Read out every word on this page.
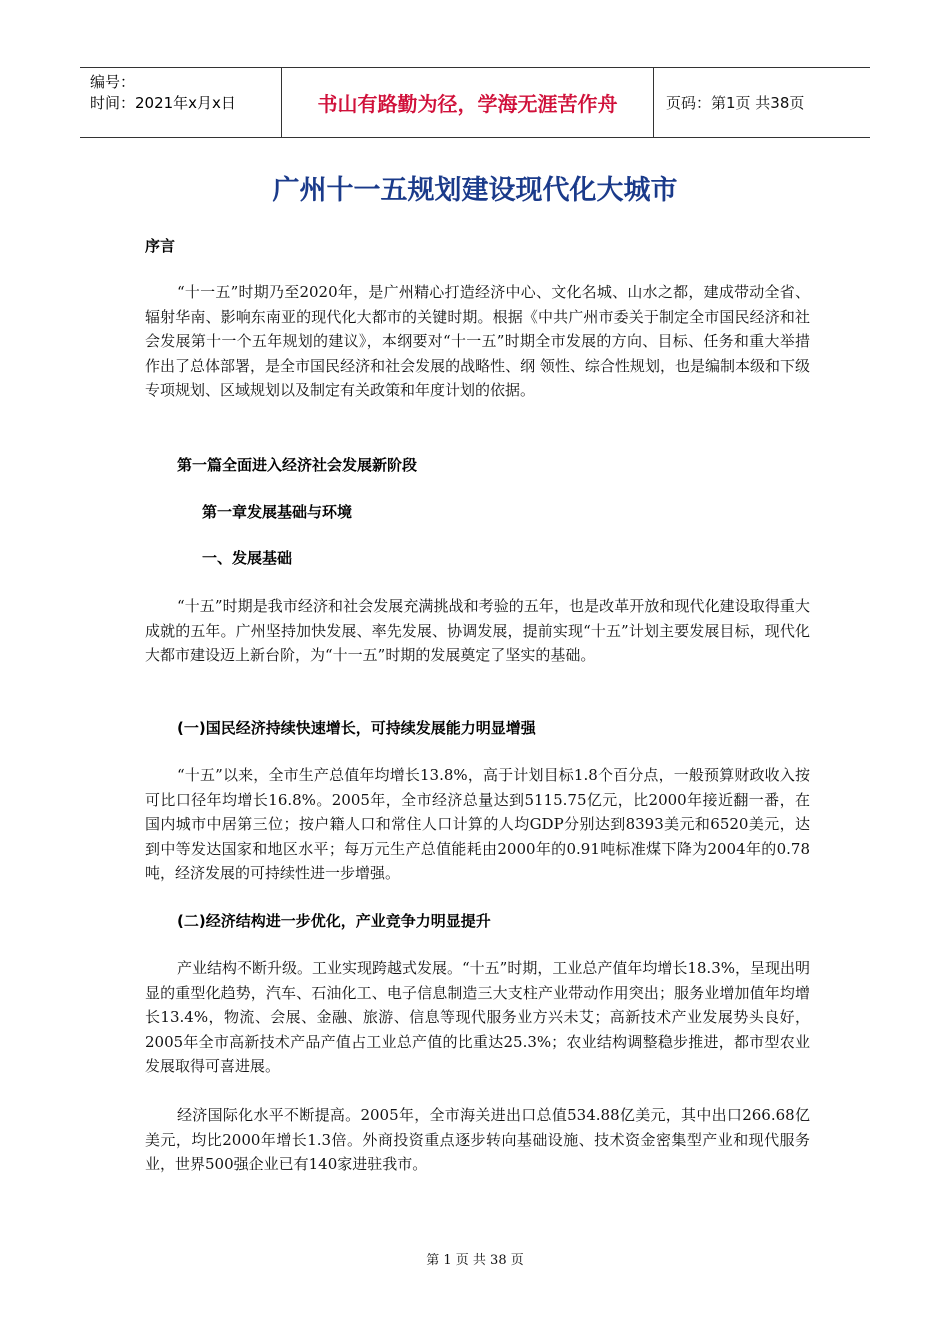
编号：
时间：2021年x月x日	书山有路勤为径，学海无涯苦作舟	页码：第1页 共38页
广州十一五规划建设现代化大城市
序言

“十一五”时期乃至2020年，是广州精心打造经济中心、文化名城、山水之都，建成带动全省、辐射华南、影响东南亚的现代化大都市的关键时期。根据《中共广州市委关于制定全市国民经济和社会发展第十一个五年规划的建议》，本纲要对“十一五”时期全市发展的方向、目标、任务和重大举措作出了总体部署，是全市国民经济和社会发展的战略性、纲 领性、综合性规划，也是编制本级和下级专项规划、区域规划以及制定有关政策和年度计划的依据。

第一篇全面进入经济社会发展新阶段
第一章发展基础与环境
一、发展基础

“十五”时期是我市经济和社会发展充满挑战和考验的五年，也是改革开放和现代化建设取得重大成就的五年。广州坚持加快发展、率先发展、协调发展，提前实现“十五”计划主要发展目标，现代化大都市建设迈上新台阶，为“十一五”时期的发展奠定了坚实的基础。

(一)国民经济持续快速增长，可持续发展能力明显增强

“十五”以来，全市生产总值年均增长13.8%，高于计划目标1.8个百分点，一般预算财政收入按可比口径年均增长16.8%。2005年，全市经济总量达到5115.75亿元，比2000年接近翻一番，在国内城市中居第三位；按户籍人口和常住人口计算的人均GDP分别达到8393美元和6520美元，达到中等发达国家和地区水平；每万元生产总值能耗由2000年的0.91吨标准煤下降为2004年的0.78吨，经济发展的可持续性进一步增强。

(二)经济结构进一步优化，产业竞争力明显提升

产业结构不断升级。工业实现跨越式发展。“十五”时期，工业总产值年均增长18.3%，呈现出明显的重型化趋势，汽车、石油化工、电子信息制造三大支柱产业带动作用突出；服务业增加值年均增长13.4%，物流、会展、金融、旅游、信息等现代服务业方兴未艾；高新技术产业发展势头良好，2005年全市高新技术产品产值占工业总产值的比重达25.3%；农业结构调整稳步推进，都市型农业发展取得可喜进展。

经济国际化水平不断提高。2005年，全市海关进出口总值534.88亿美元，其中出口266.68亿美元，均比2000年增长1.3倍。外商投资重点逐步转向基础设施、技术资金密集型产业和现代服务业，世界500强企业已有140家进驻我市。

第 1 页 共 38 页
